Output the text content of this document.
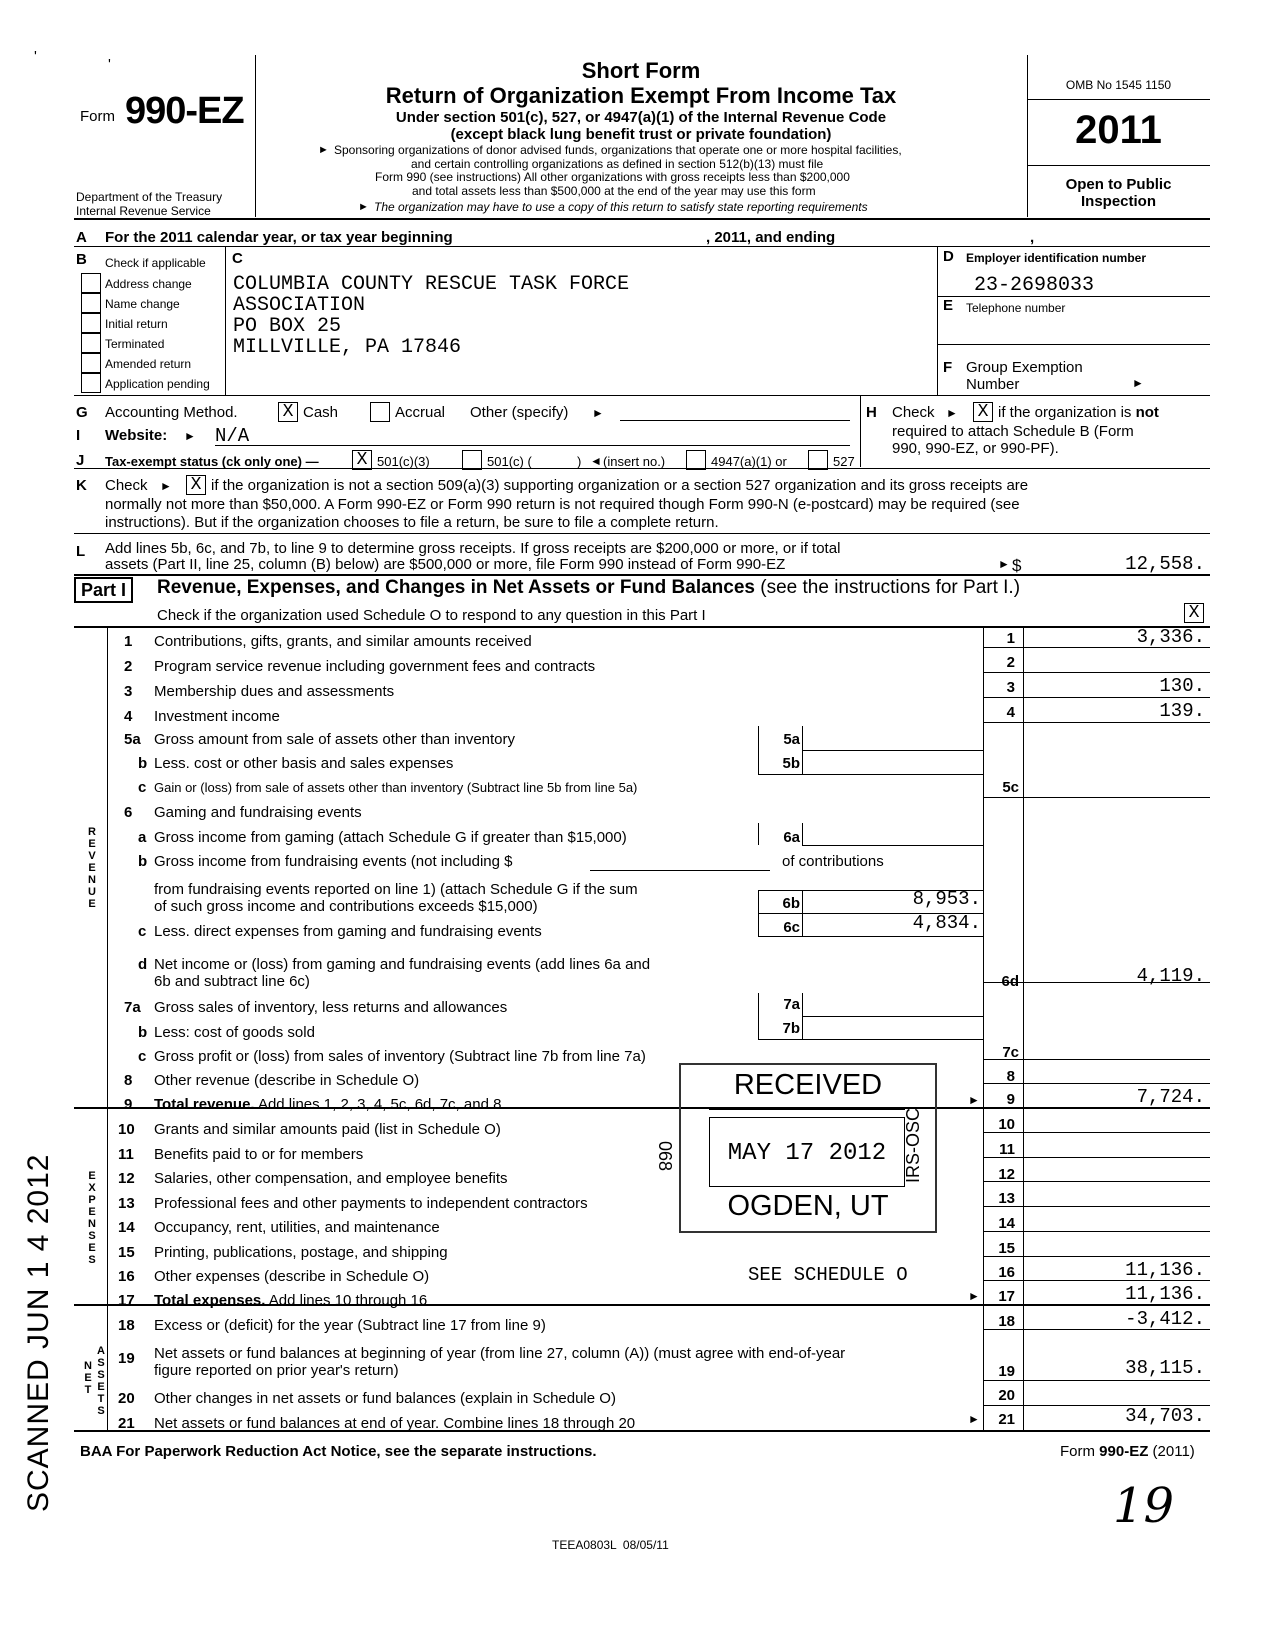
Form 990-EZ
Department of the Treasury
Internal Revenue Service
Short Form
Return of Organization Exempt From Income Tax
Under section 501(c), 527, or 4947(a)(1) of the Internal Revenue Code
(except black lung benefit trust or private foundation)
► Sponsoring organizations of donor advised funds, organizations that operate one or more hospital facilities,
and certain controlling organizations as defined in section 512(b)(13) must file
Form 990 (see instructions) All other organizations with gross receipts less than $200,000
and total assets less than $500,000 at the end of the year may use this form
► The organization may have to use a copy of this return to satisfy state reporting requirements
OMB No 1545 1150
2011
Open to Public
Inspection
A For the 2011 calendar year, or tax year beginning	, 2011, and ending	,
B Check if applicable C
Address change
Name change
Initial return
Terminated
Amended return
Application pending
COLUMBIA COUNTY RESCUE TASK FORCE
ASSOCIATION
PO BOX 25
MILLVILLE, PA 17846
D Employer identification number
23-2698033
E Telephone number
F Group Exemption
Number	►
G Accounting Method.	X Cash	Accrual Other (specify) ►	H Check ► X if the organization is not
required to attach Schedule B (Form
990, 990-EZ, or 990-PF).
I Website: ► N/A
J Tax-exempt status (ck only one) — X 501(c)(3)	501(c) (	) ◄ (insert no.)	4947(a)(1) or	527
K Check ► X if the organization is not a section 509(a)(3) supporting organization or a section 527 organization and its gross receipts are
normally not more than $50,000. A Form 990-EZ or Form 990 return is not required though Form 990-N (e-postcard) may be required (see
instructions). But if the organization chooses to file a return, be sure to file a complete return.
L Add lines 5b, 6c, and 7b, to line 9 to determine gross receipts. If gross receipts are $200,000 or more, or if total
assets (Part II, line 25, column (B) below) are $500,000 or more, file Form 990 instead of Form 990-EZ	► $	12,558.
Part I	Revenue, Expenses, and Changes in Net Assets or Fund Balances (see the instructions for Part I.)
Check if the organization used Schedule O to respond to any question in this Part I	X
R
E
V
E
N
U
E
E
X
P
E
N
S
E
S
N
E
T
A
S
S
E
T
S
1 Contributions, gifts, grants, and similar amounts received	1	3,336.
2 Program service revenue including government fees and contracts	2
3 Membership dues and assessments	3	130.
4 Investment income	4	139.
5a Gross amount from sale of assets other than inventory	5a
b Less. cost or other basis and sales expenses	5b
c Gain or (loss) from sale of assets other than inventory (Subtract line 5b from line 5a)	5c
6 Gaming and fundraising events
a Gross income from gaming (attach Schedule G if greater than $15,000)	6a
b Gross income from fundraising events (not including $	of contributions
from fundraising events reported on line 1) (attach Schedule G if the sum
of such gross income and contributions exceeds $15,000)	6b	8,953.
c Less. direct expenses from gaming and fundraising events	6c	4,834.
d Net income or (loss) from gaming and fundraising events (add lines 6a and
6b and subtract line 6c)	6d	4,119.
7a Gross sales of inventory, less returns and allowances	7a
b Less: cost of goods sold	7b
c Gross profit or (loss) from sales of inventory (Subtract line 7b from line 7a)	7c
8 Other revenue (describe in Schedule O)	8
9 Total revenue. Add lines 1, 2, 3, 4, 5c, 6d, 7c, and 8	►	9	7,724.
10 Grants and similar amounts paid (list in Schedule O)	10
11 Benefits paid to or for members	11
12 Salaries, other compensation, and employee benefits	12
13 Professional fees and other payments to independent contractors	13
14 Occupancy, rent, utilities, and maintenance	14
15 Printing, publications, postage, and shipping	15
16 Other expenses (describe in Schedule O)	SEE SCHEDULE O	16	11,136.
17 Total expenses. Add lines 10 through 16	►	17	11,136.
18 Excess or (deficit) for the year (Subtract line 17 from line 9)	18	-3,412.
19 Net assets or fund balances at beginning of year (from line 27, column (A)) (must agree with end-of-year
figure reported on prior year's return)	19	38,115.
20 Other changes in net assets or fund balances (explain in Schedule O)	20
21 Net assets or fund balances at end of year. Combine lines 18 through 20	►	21	34,703.
RECEIVED
MAY 17 2012
OGDEN, UT
068	IRS-OSC
SCANNED JUN 1 4 2012 BAA For Paperwork Reduction Act Notice, see the separate instructions.	Form 990-EZ (2011)
TEEA0803L  08/05/11
19
'	'
